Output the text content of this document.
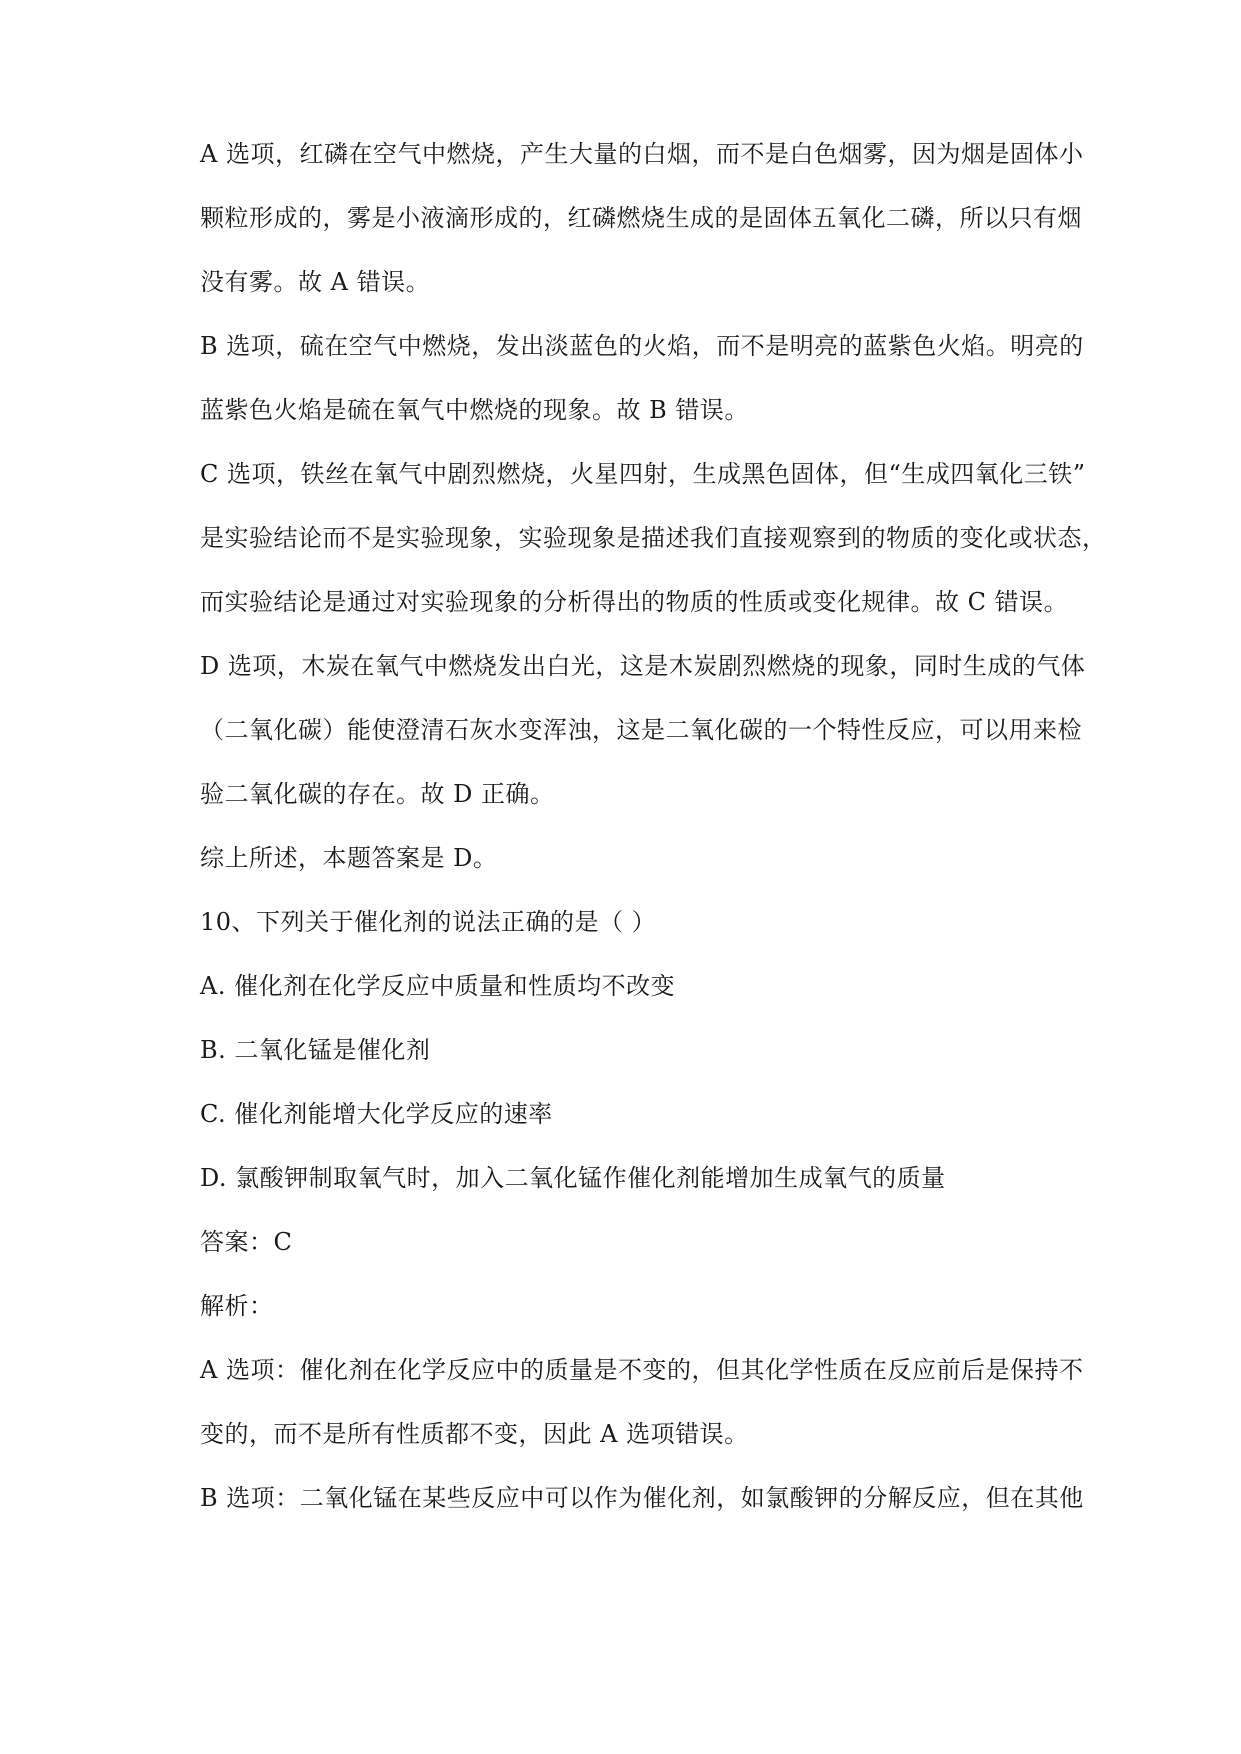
A 选项，红磷在空气中燃烧，产生大量的白烟，而不是白色烟雾，因为烟是固体小
颗粒形成的，雾是小液滴形成的，红磷燃烧生成的是固体五氧化二磷，所以只有烟
没有雾。故 A 错误。
B 选项，硫在空气中燃烧，发出淡蓝色的火焰，而不是明亮的蓝紫色火焰。明亮的
蓝紫色火焰是硫在氧气中燃烧的现象。故 B 错误。
C 选项，铁丝在氧气中剧烈燃烧，火星四射，生成黑色固体，但“生成四氧化三铁”
是实验结论而不是实验现象，实验现象是描述我们直接观察到的物质的变化或状态，
而实验结论是通过对实验现象的分析得出的物质的性质或变化规律。故 C 错误。
D 选项，木炭在氧气中燃烧发出白光，这是木炭剧烈燃烧的现象，同时生成的气体
（二氧化碳）能使澄清石灰水变浑浊，这是二氧化碳的一个特性反应，可以用来检
验二氧化碳的存在。故 D 正确。
综上所述，本题答案是 D。
10、下列关于催化剂的说法正确的是（ ）
A. 催化剂在化学反应中质量和性质均不改变
B. 二氧化锰是催化剂
C. 催化剂能增大化学反应的速率
D. 氯酸钾制取氧气时，加入二氧化锰作催化剂能增加生成氧气的质量
答案：C
解析：
A 选项：催化剂在化学反应中的质量是不变的，但其化学性质在反应前后是保持不
变的，而不是所有性质都不变，因此 A 选项错误。
B 选项：二氧化锰在某些反应中可以作为催化剂，如氯酸钾的分解反应，但在其他
